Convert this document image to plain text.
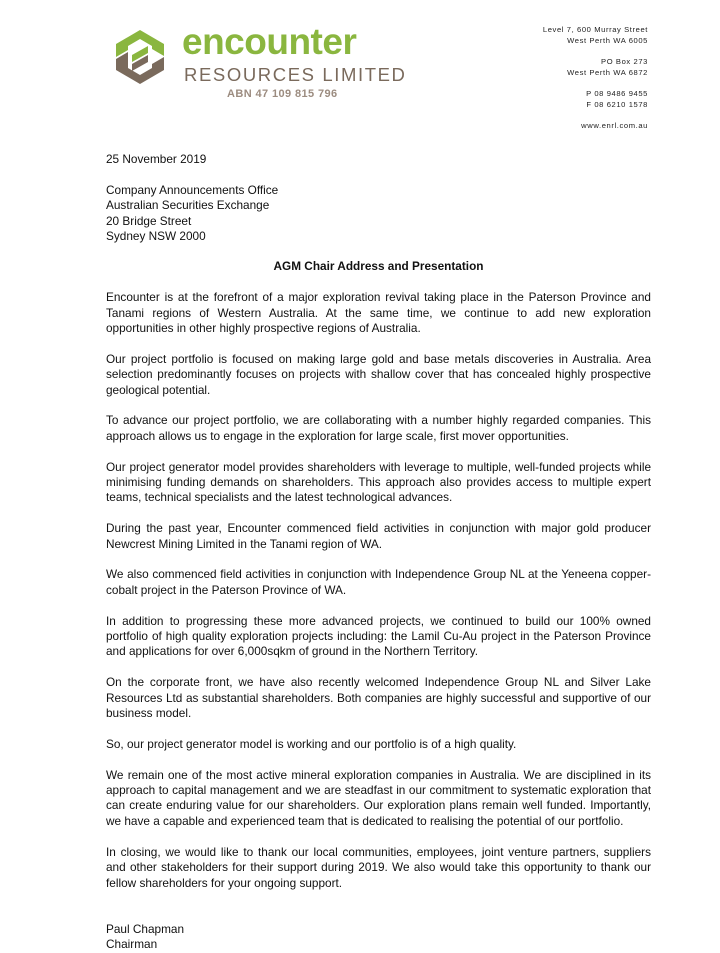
encounter
RESOURCES LIMITED
ABN 47 109 815 796
Level 7, 600 Murray Street
West Perth WA 6005
PO Box 273
West Perth WA 6872
P 08 9486 9455
F 08 6210 1578
www.enrl.com.au

25 November 2019

Company Announcements Office
Australian Securities Exchange
20 Bridge Street
Sydney NSW 2000

AGM Chair Address and Presentation

Encounter is at the forefront of a major exploration revival taking place in the Paterson Province and Tanami regions of Western Australia. At the same time, we continue to add new exploration opportunities in other highly prospective regions of Australia.

Our project portfolio is focused on making large gold and base metals discoveries in Australia. Area selection predominantly focuses on projects with shallow cover that has concealed highly prospective geological potential.

To advance our project portfolio, we are collaborating with a number highly regarded companies. This approach allows us to engage in the exploration for large scale, first mover opportunities.

Our project generator model provides shareholders with leverage to multiple, well-funded projects while minimising funding demands on shareholders. This approach also provides access to multiple expert teams, technical specialists and the latest technological advances.

During the past year, Encounter commenced field activities in conjunction with major gold producer Newcrest Mining Limited in the Tanami region of WA.

We also commenced field activities in conjunction with Independence Group NL at the Yeneena copper-cobalt project in the Paterson Province of WA.

In addition to progressing these more advanced projects, we continued to build our 100% owned portfolio of high quality exploration projects including: the Lamil Cu-Au project in the Paterson Province and applications for over 6,000sqkm of ground in the Northern Territory.

On the corporate front, we have also recently welcomed Independence Group NL and Silver Lake Resources Ltd as substantial shareholders. Both companies are highly successful and supportive of our business model.

So, our project generator model is working and our portfolio is of a high quality.

We remain one of the most active mineral exploration companies in Australia. We are disciplined in its approach to capital management and we are steadfast in our commitment to systematic exploration that can create enduring value for our shareholders. Our exploration plans remain well funded. Importantly, we have a capable and experienced team that is dedicated to realising the potential of our portfolio.

In closing, we would like to thank our local communities, employees, joint venture partners, suppliers and other stakeholders for their support during 2019. We also would take this opportunity to thank our fellow shareholders for your ongoing support.

Paul Chapman

Chairman
